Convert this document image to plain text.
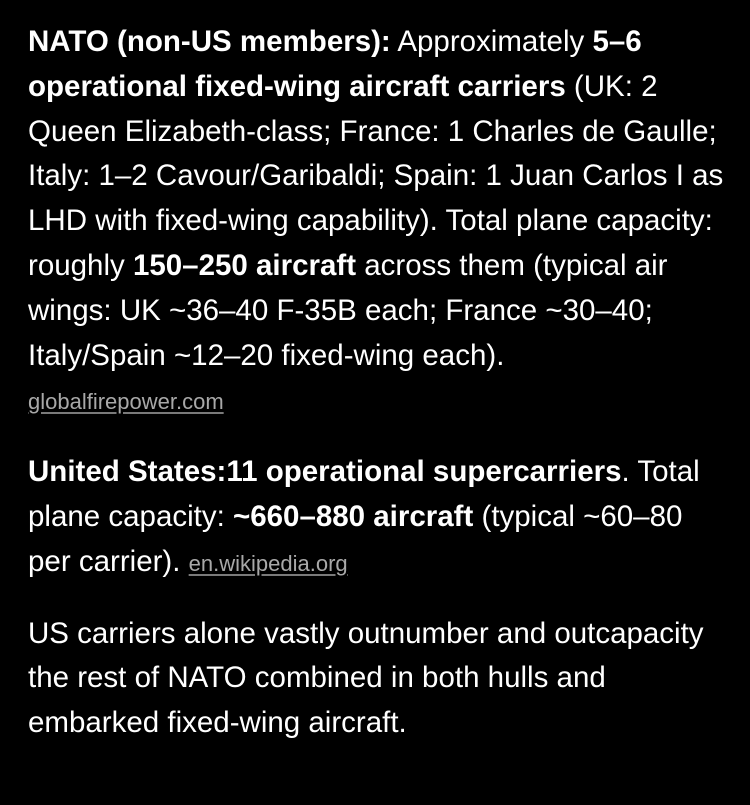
NATO (non-US members): Approximately 5–6 operational fixed-wing aircraft carriers (UK: 2 Queen Elizabeth-class; France: 1 Charles de Gaulle; Italy: 1–2 Cavour/Garibaldi; Spain: 1 Juan Carlos I as LHD with fixed-wing capability). Total plane capacity: roughly 150–250 aircraft across them (typical air wings: UK ~36–40 F-35B each; France ~30–40; Italy/Spain ~12–20 fixed-wing each).
globalfirepower.com

United States:11 operational supercarriers. Total plane capacity: ~660–880 aircraft (typical ~60–80 per carrier). en.wikipedia.org

US carriers alone vastly outnumber and outcapacity the rest of NATO combined in both hulls and embarked fixed-wing aircraft.
